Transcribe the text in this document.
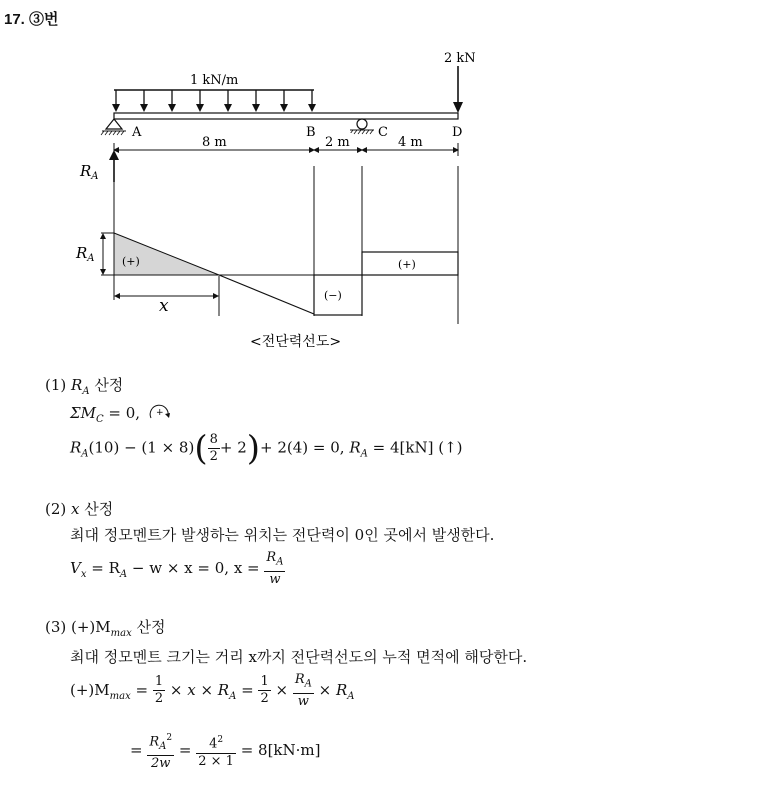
17. ③번
1 kN/m
2 kN
A	B	C	D
8 m	2 m	4 m
$R_A$
$R_A$ (+)
(−)
(+)
x
<전단력선도>
(1) $R_A$ 산정
$\Sigma M_C = 0$, +
$R_A(10) - (1 \times 8)( \frac{8}{2} + 2)+ 2(4) = 0$, $R_A = 4[kN]$ (↑)
(2) x 산정
최대 정모멘트가 발생하는 위치는 전단력이 0인 곳에서 발생한다.
$V_x = R_A - w \times x = 0$, $x = \frac{R_A}{w}$
(3) $(+)M_{max}$ 산정
최대 정모멘트 크기는 거리 x까지 전단력선도의 누적 면적에 해당한다.
$(+)M_{max} = \frac{1}{2} \times x \times R_A = \frac{1}{2} \times \frac{R_A}{w} \times R_A$
= $\frac{R_A^2}{2w} = \frac{4^2}{2 \times 1} = 8[kN\cdot m]$
